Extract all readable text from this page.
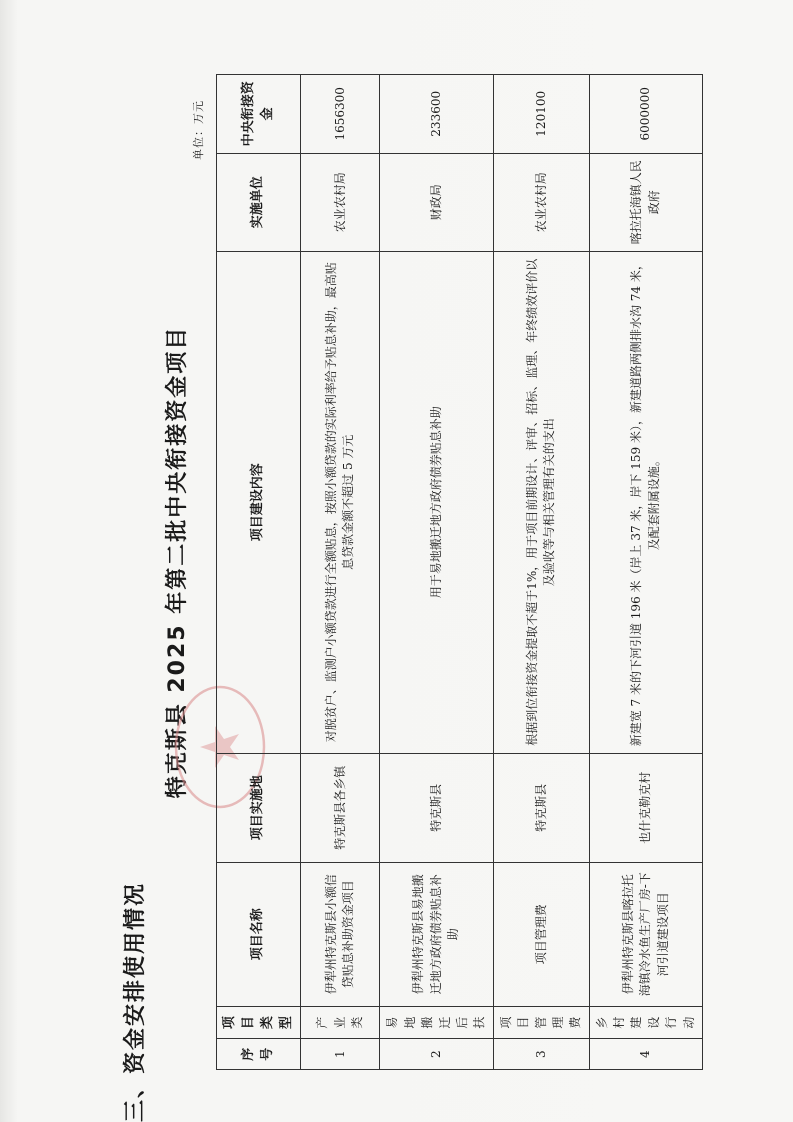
三、资金安排使用情况
特克斯县 2025 年第二批中央衔接资金项目
单位：万元
序号	项目类型	项目名称	项目实施地	项目建设内容	实施单位	中央衔接资金
1	产业类	伊犁州特克斯县小额信贷贴息补助资金项目	特克斯县各乡镇	对脱贫户、监测户小额贷款进行全额贴息，按照小额贷款的实际利率给予贴息补助，最高贴息贷款金额不超过 5 万元	农业农村局	1656300
2	易地搬迁后扶	伊犁州特克斯县易地搬迁地方政府债券贴息补助	特克斯县	用于易地搬迁地方政府债券贴息补助	财政局	233600
3	项目管理费	项目管理费	特克斯县	根据到位衔接资金提取不超于1%，用于项目前期设计、评审、招标、监理、年终绩效评价以及验收等与相关管理有关的支出	农业农村局	120100
4	乡村建设行动	伊犁州特克斯县喀拉托海镇冷水鱼生产厂房-下河引道建设项目	也什克勒克村	新建宽 7 米的下河引道 196 米（岸上 37 米，岸下 159 米），新建道路两侧排水沟 74 米，及配套附属设施。	喀拉托海镇人民政府	6000000
